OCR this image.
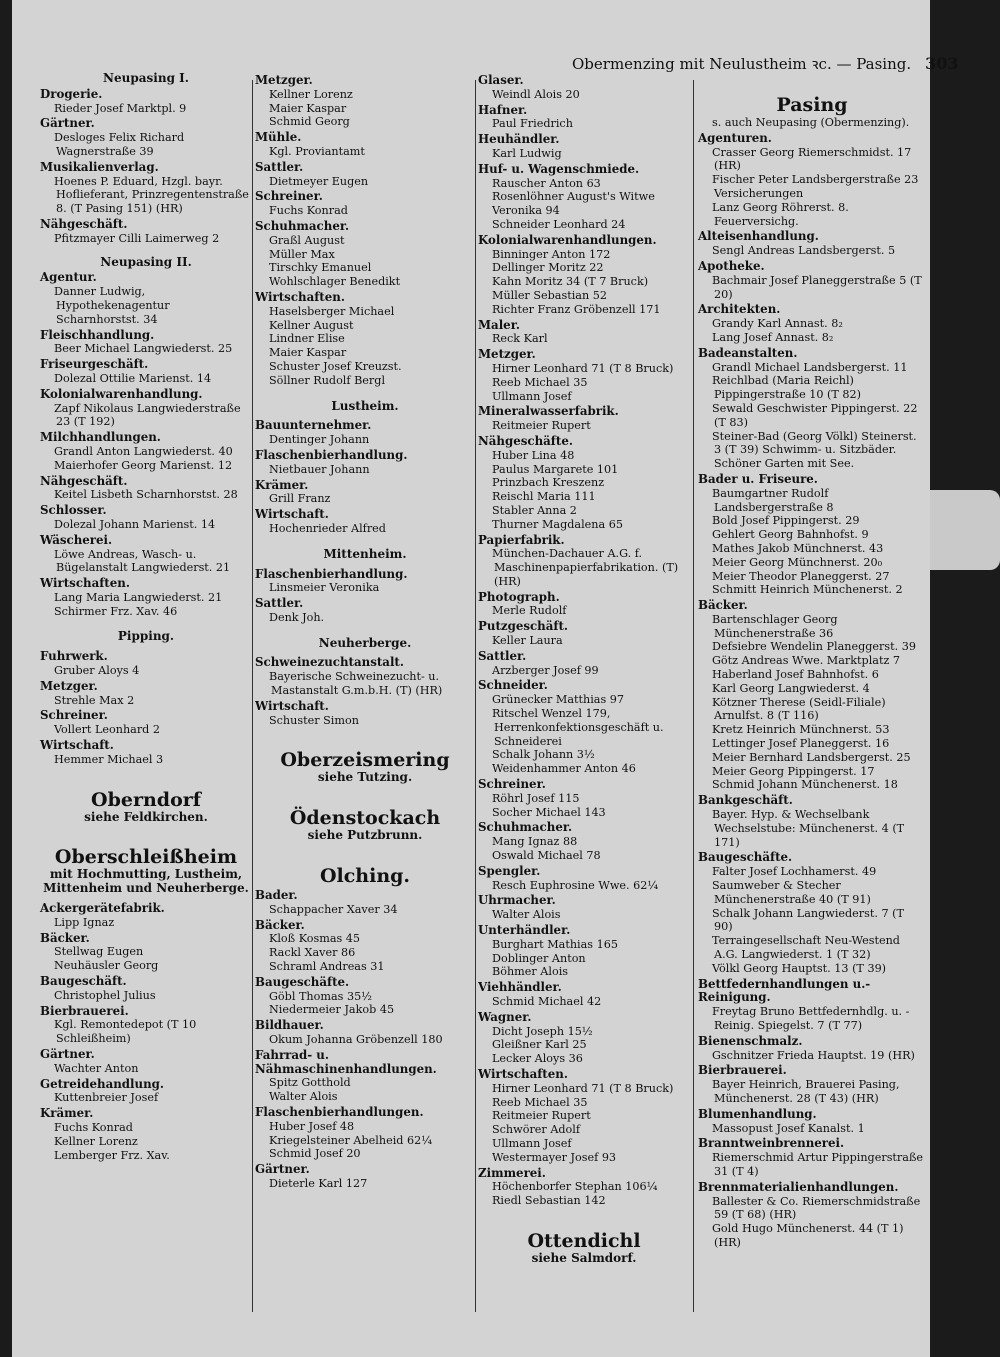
Obermenzing mit Neulustheim ꝛc. — Pasing. 303
Neupasing I.
Drogerie.
Rieder Josef Marktpl. 9
Gärtner.
Desloges Felix Richard Wagnerstraße 39
Musikalienverlag.
Hoenes P. Eduard, Hzgl. bayr. Hoflieferant, Prinzregentenstraße 8. (T Pasing 151) (HR)
Nähgeschäft.
Pfitzmayer Cilli Laimerweg 2
Neupasing II.
Agentur.
Danner Ludwig, Hypothekenagentur Scharnhorstst. 34
Fleischhandlung.
Beer Michael Langwiederst. 25
Friseurgeschäft.
Dolezal Ottilie Marienst. 14
Kolonialwarenhandlung.
Zapf Nikolaus Langwiederstraße 23 (T 192)
Milchhandlungen.
Grandl Anton Langwiederst. 40
Maierhofer Georg Marienst. 12
Nähgeschäft.
Keitel Lisbeth Scharnhorstst. 28
Schlosser.
Dolezal Johann Marienst. 14
Wäscherei.
Löwe Andreas, Wasch- u. Bügelanstalt Langwiederst. 21
Wirtschaften.
Lang Maria Langwiederst. 21
Schirmer Frz. Xav. 46
Pipping.
Fuhrwerk.
Gruber Aloys 4
Metzger.
Strehle Max 2
Schreiner.
Vollert Leonhard 2
Wirtschaft.
Hemmer Michael 3
Oberndorf
siehe Feldkirchen.
Oberschleißheim
mit Hochmutting, Lustheim, Mittenheim und Neuherberge.
Ackergerätefabrik.
Lipp Ignaz
Bäcker.
Stellwag Eugen
Neuhäusler Georg
Baugeschäft.
Christophel Julius
Bierbrauerei.
Kgl. Remontedepot (T 10 Schleißheim)
Gärtner.
Wachter Anton
Getreidehandlung.
Kuttenbreier Josef
Krämer.
Fuchs Konrad
Kellner Lorenz
Lemberger Frz. Xav.
Metzger.
Kellner Lorenz
Maier Kaspar
Schmid Georg
Mühle.
Kgl. Proviantamt
Sattler.
Dietmeyer Eugen
Schreiner.
Fuchs Konrad
Schuhmacher.
Graßl August
Müller Max
Tirschky Emanuel
Wohlschlager Benedikt
Wirtschaften.
Haselsberger Michael
Kellner August
Lindner Elise
Maier Kaspar
Schuster Josef Kreuzst.
Söllner Rudolf Bergl
Lustheim.
Bauunternehmer.
Dentinger Johann
Flaschenbierhandlung.
Nietbauer Johann
Krämer.
Grill Franz
Wirtschaft.
Hochenrieder Alfred
Mittenheim.
Flaschenbierhandlung.
Linsmeier Veronika
Sattler.
Denk Joh.
Neuherberge.
Schweinezuchtanstalt.
Bayerische Schweinezucht- u. Mastanstalt G.m.b.H. (T) (HR)
Wirtschaft.
Schuster Simon
Oberzeismering
siehe Tutzing.
Ödenstockach
siehe Putzbrunn.
Olching.
Bader.
Schappacher Xaver 34
Bäcker.
Kloß Kosmas 45
Rackl Xaver 86
Schraml Andreas 31
Baugeschäfte.
Göbl Thomas 35½
Niedermeier Jakob 45
Bildhauer.
Okum Johanna Gröbenzell 180
Fahrrad- u. Nähmaschinenhandlungen.
Spitz Gotthold
Walter Alois
Flaschenbierhandlungen.
Huber Josef 48
Kriegelsteiner Abelheid 62¼
Schmid Josef 20
Gärtner.
Dieterle Karl 127
Glaser.
Weindl Alois 20
Hafner.
Paul Friedrich
Heuhändler.
Karl Ludwig
Huf- u. Wagenschmiede.
Rauscher Anton 63
Rosenlöhner August's Witwe
Veronika 94
Schneider Leonhard 24
Kolonialwarenhandlungen.
Binninger Anton 172
Dellinger Moritz 22
Kahn Moritz 34 (T 7 Bruck)
Müller Sebastian 52
Richter Franz Gröbenzell 171
Maler.
Reck Karl
Metzger.
Hirner Leonhard 71 (T 8 Bruck)
Reeb Michael 35
Ullmann Josef
Mineralwasserfabrik.
Reitmeier Rupert
Nähgeschäfte.
Huber Lina 48
Paulus Margarete 101
Prinzbach Kreszenz
Reischl Maria 111
Stabler Anna 2
Thurner Magdalena 65
Papierfabrik.
München-Dachauer A.G. f. Maschinenpapierfabrikation. (T) (HR)
Photograph.
Merle Rudolf
Putzgeschäft.
Keller Laura
Sattler.
Arzberger Josef 99
Schneider.
Grünecker Matthias 97
Ritschel Wenzel 179, Herrenkonfektionsgeschäft u. Schneiderei
Schalk Johann 3½
Weidenhammer Anton 46
Schreiner.
Röhrl Josef 115
Socher Michael 143
Schuhmacher.
Mang Ignaz 88
Oswald Michael 78
Spengler.
Resch Euphrosine Wwe. 62¼
Uhrmacher.
Walter Alois
Unterhändler.
Burghart Mathias 165
Doblinger Anton
Böhmer Alois
Viehhändler.
Schmid Michael 42
Wagner.
Dicht Joseph 15½
Gleißner Karl 25
Lecker Aloys 36
Wirtschaften.
Hirner Leonhard 71 (T 8 Bruck)
Reeb Michael 35
Reitmeier Rupert
Schwörer Adolf
Ullmann Josef
Westermayer Josef 93
Zimmerei.
Höchenborfer Stephan 106¼
Riedl Sebastian 142
Ottendichl
siehe Salmdorf.
Pasing
s. auch Neupasing (Obermenzing).
Agenturen.
Crasser Georg Riemerschmidst. 17 (HR)
Fischer Peter Landsbergerstraße 23 Versicherungen
Lanz Georg Röhrerst. 8. Feuerversichg.
Alteisenhandlung.
Sengl Andreas Landsbergerst. 5
Apotheke.
Bachmair Josef Planeggerstraße 5 (T 20)
Architekten.
Grandy Karl Annast. 8₂
Lang Josef Annast. 8₂
Badeanstalten.
Grandl Michael Landsbergerst. 11
Reichlbad (Maria Reichl) Pippingerstraße 10 (T 82)
Sewald Geschwister Pippingerst. 22 (T 83)
Steiner-Bad (Georg Völkl) Steinerst. 3 (T 39) Schwimm- u. Sitzbäder. Schöner Garten mit See.
Bader u. Friseure.
Baumgartner Rudolf Landsbergerstraße 8
Bold Josef Pippingerst. 29
Gehlert Georg Bahnhofst. 9
Mathes Jakob Münchnerst. 43
Meier Georg Münchnerst. 20₀
Meier Theodor Planeggerst. 27
Schmitt Heinrich Münchenerst. 2
Bäcker.
Bartenschlager Georg Münchenerstraße 36
Defsiebre Wendelin Planeggerst. 39
Götz Andreas Wwe. Marktplatz 7
Haberland Josef Bahnhofst. 6
Karl Georg Langwiederst. 4
Kötzner Therese (Seidl-Filiale) Arnulfst. 8 (T 116)
Kretz Heinrich Münchnerst. 53
Lettinger Josef Planeggerst. 16
Meier Bernhard Landsbergerst. 25
Meier Georg Pippingerst. 17
Schmid Johann Münchenerst. 18
Bankgeschäft.
Bayer. Hyp. & Wechselbank Wechselstube: Münchenerst. 4 (T 171)
Baugeschäfte.
Falter Josef Lochhamerst. 49
Saumweber & Stecher Münchenerstraße 40 (T 91)
Schalk Johann Langwiederst. 7 (T 90)
Terraingesellschaft Neu-Westend A.G. Langwiederst. 1 (T 32)
Völkl Georg Hauptst. 13 (T 39)
Bettfedernhandlungen u.-Reinigung.
Freytag Bruno Bettfedernhdlg. u. -Reinig. Spiegelst. 7 (T 77)
Bienenschmalz.
Gschnitzer Frieda Hauptst. 19 (HR)
Bierbrauerei.
Bayer Heinrich, Brauerei Pasing, Münchenerst. 28 (T 43) (HR)
Blumenhandlung.
Massopust Josef Kanalst. 1
Branntweinbrennerei.
Riemerschmid Artur Pippingerstraße 31 (T 4)
Brennmaterialienhandlungen.
Ballester & Co. Riemerschmidstraße 59 (T 68) (HR)
Gold Hugo Münchenerst. 44 (T 1) (HR)
